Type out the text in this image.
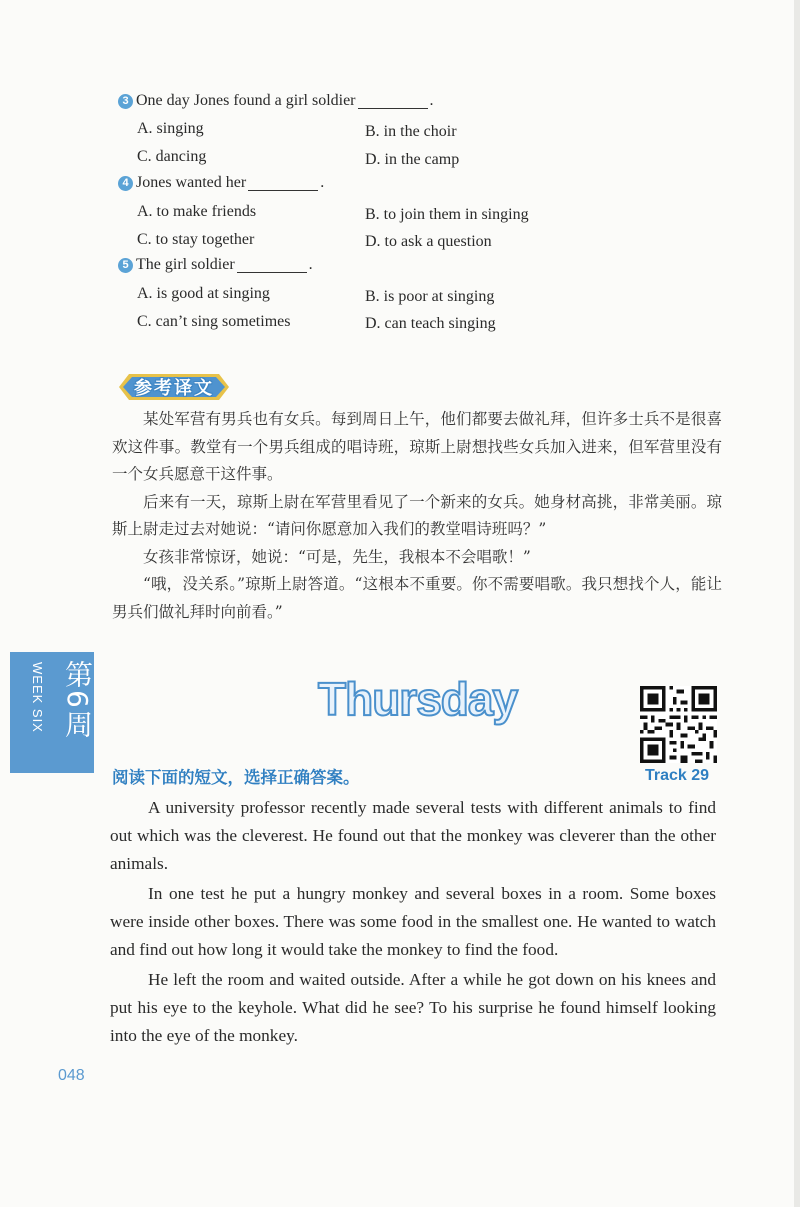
3 One day Jones found a girl soldier	.
A. singing	B. in the choir
C. dancing	D. in the camp
4 Jones wanted her	.
A. to make friends	B. to join them in singing
C. to stay together	D. to ask a question
5 The girl soldier	.
A. is good at singing	B. is poor at singing
C. can’t sing sometimes	D. can teach singing
参考译文

某处军营有男兵也有女兵。每到周日上午，他们都要去做礼拜，但许多士兵不是很喜欢这件事。教堂有一个男兵组成的唱诗班，琼斯上尉想找些女兵加入进来，但军营里没有一个女兵愿意干这件事。

后来有一天，琼斯上尉在军营里看见了一个新来的女兵。她身材高挑，非常美丽。琼斯上尉走过去对她说：“请问你愿意加入我们的教堂唱诗班吗？”

女孩非常惊讶，她说：“可是，先生，我根本不会唱歌！”

“哦，没关系。”琼斯上尉答道。“这根本不重要。你不需要唱歌。我只想找个人，能让男兵们做礼拜时向前看。”

第6周
WEEK SIX	Thursday
阅读下面的短文，选择正确答案。	Track 29

A university professor recently made several tests with different animals to find out which was the cleverest. He found out that the monkey was cleverer than the other animals.

In one test he put a hungry monkey and several boxes in a room. Some boxes were inside other boxes. There was some food in the smallest one. He wanted to watch and find out how long it would take the monkey to find the food.

He left the room and waited outside. After a while he got down on his knees and put his eye to the keyhole. What did he see? To his surprise he found himself looking into the eye of the monkey.

048
